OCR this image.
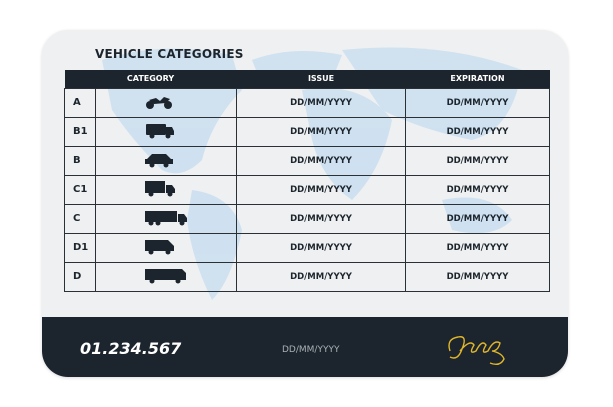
VEHICLE CATEGORIES
CATEGORY		ISSUE	EXPIRATION
A		DD/MM/YYYY	DD/MM/YYYY
B1		DD/MM/YYYY	DD/MM/YYYY
B		DD/MM/YYYY	DD/MM/YYYY
C1		DD/MM/YYYY	DD/MM/YYYY
C		DD/MM/YYYY	DD/MM/YYYY
D1		DD/MM/YYYY	DD/MM/YYYY
D		DD/MM/YYYY	DD/MM/YYYY
01.234.567	DD/MM/YYYY
